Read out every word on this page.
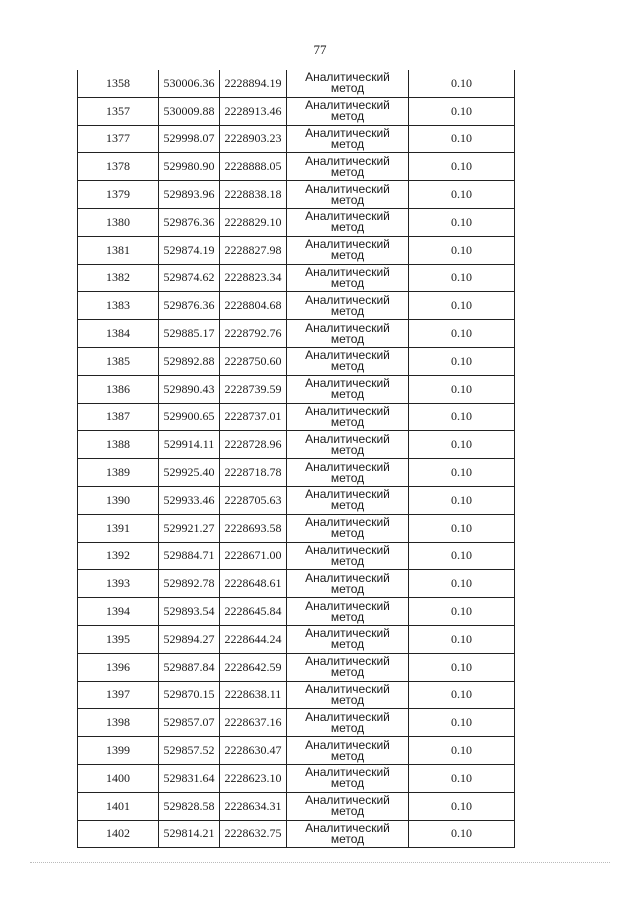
77
1358	530006.36	2228894.19	Аналитический
метод	0.10
1357	530009.88	2228913.46	Аналитический
метод	0.10
1377	529998.07	2228903.23	Аналитический
метод	0.10
1378	529980.90	2228888.05	Аналитический
метод	0.10
1379	529893.96	2228838.18	Аналитический
метод	0.10
1380	529876.36	2228829.10	Аналитический
метод	0.10
1381	529874.19	2228827.98	Аналитический
метод	0.10
1382	529874.62	2228823.34	Аналитический
метод	0.10
1383	529876.36	2228804.68	Аналитический
метод	0.10
1384	529885.17	2228792.76	Аналитический
метод	0.10
1385	529892.88	2228750.60	Аналитический
метод	0.10
1386	529890.43	2228739.59	Аналитический
метод	0.10
1387	529900.65	2228737.01	Аналитический
метод	0.10
1388	529914.11	2228728.96	Аналитический
метод	0.10
1389	529925.40	2228718.78	Аналитический
метод	0.10
1390	529933.46	2228705.63	Аналитический
метод	0.10
1391	529921.27	2228693.58	Аналитический
метод	0.10
1392	529884.71	2228671.00	Аналитический
метод	0.10
1393	529892.78	2228648.61	Аналитический
метод	0.10
1394	529893.54	2228645.84	Аналитический
метод	0.10
1395	529894.27	2228644.24	Аналитический
метод	0.10
1396	529887.84	2228642.59	Аналитический
метод	0.10
1397	529870.15	2228638.11	Аналитический
метод	0.10
1398	529857.07	2228637.16	Аналитический
метод	0.10
1399	529857.52	2228630.47	Аналитический
метод	0.10
1400	529831.64	2228623.10	Аналитический
метод	0.10
1401	529828.58	2228634.31	Аналитический
метод	0.10
1402	529814.21	2228632.75	Аналитический
метод	0.10
